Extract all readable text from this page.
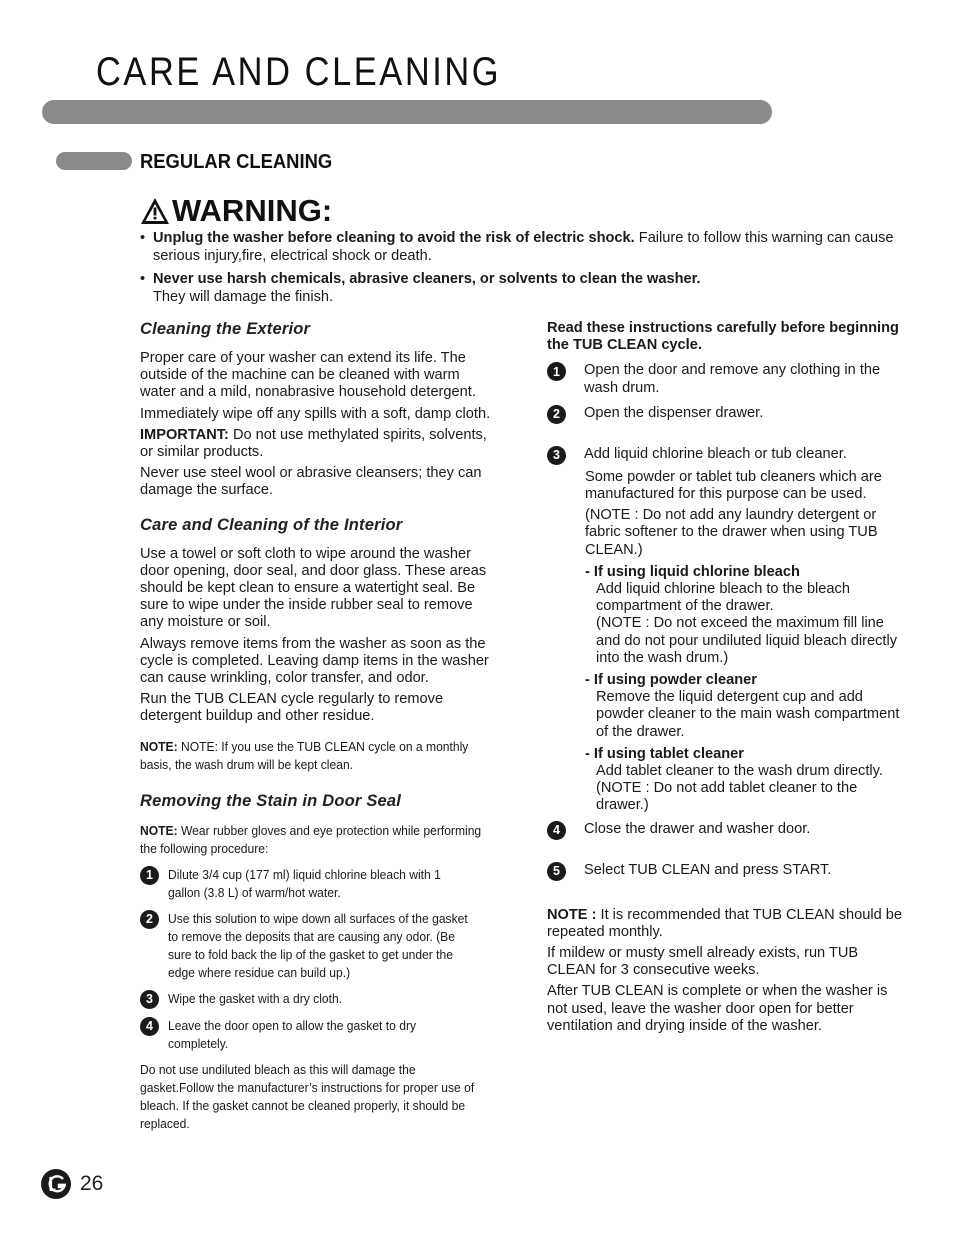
CARE AND CLEANING
REGULAR CLEANING
WARNING:
• Unplug the washer before cleaning to avoid the risk of electric shock. Failure to follow this warning can cause serious injury,fire, electrical shock or death.
• Never use harsh chemicals, abrasive cleaners, or solvents to clean the washer.
They will damage the finish.
Cleaning the Exterior

Proper care of your washer can extend its life. The outside of the machine can be cleaned with warm water and a mild, nonabrasive household detergent.

Immediately wipe off any spills with a soft, damp cloth.

IMPORTANT: Do not use methylated spirits, solvents, or similar products.

Never use steel wool or abrasive cleansers; they can damage the surface.

Care and Cleaning of the Interior

Use a towel or soft cloth to wipe around the washer door opening, door seal, and door glass. These areas should be kept clean to ensure a watertight seal. Be sure to wipe under the inside rubber seal to remove any moisture or soil.

Always remove items from the washer as soon as the cycle is completed. Leaving damp items in the washer can cause wrinkling, color transfer, and odor.

Run the TUB CLEAN cycle regularly to remove detergent buildup and other residue.

NOTE: NOTE: If you use the TUB CLEAN cycle on a monthly basis, the wash drum will be kept clean.

Removing the Stain in Door Seal

NOTE: Wear rubber gloves and eye protection while performing the following procedure:

1	Dilute 3/4 cup (177 ml) liquid chlorine bleach with 1 gallon (3.8 L) of warm/hot water.
2	Use this solution to wipe down all surfaces of the gasket to remove the deposits that are causing any odor. (Be sure to fold back the lip of the gasket to get under the edge where residue can build up.)
3	Wipe the gasket with a dry cloth.
4	Leave the door open to allow the gasket to dry completely.

Do not use undiluted bleach as this will damage the gasket.Follow the manufacturer’s instructions for proper use of bleach. If the gasket cannot be cleaned properly, it should be replaced.

Read these instructions carefully before beginning the TUB CLEAN cycle.

1	Open the door and remove any clothing in the wash drum.
2	Open the dispenser drawer.
3	Add liquid chlorine bleach or tub cleaner.

Some powder or tablet tub cleaners which are manufactured for this purpose can be used.

(NOTE : Do not add any laundry detergent or fabric softener to the drawer when using TUB CLEAN.)

- If using liquid chlorine bleach
Add liquid chlorine bleach to the bleach compartment of the drawer.
(NOTE : Do not exceed the maximum fill line and do not pour undiluted liquid bleach directly into the wash drum.)
- If using powder cleaner
Remove the liquid detergent cup and add powder cleaner to the main wash compartment of the drawer.
- If using tablet cleaner
Add tablet cleaner to the wash drum directly.
(NOTE : Do not add tablet cleaner to the drawer.)
4	Close the drawer and washer door.
5	Select TUB CLEAN and press START.

NOTE : It is recommended that TUB CLEAN should be repeated monthly.

If mildew or musty smell already exists, run TUB CLEAN for 3 consecutive weeks.

After TUB CLEAN is complete or when the washer is not used, leave the washer door open for better ventilation and drying inside of the washer.

26
